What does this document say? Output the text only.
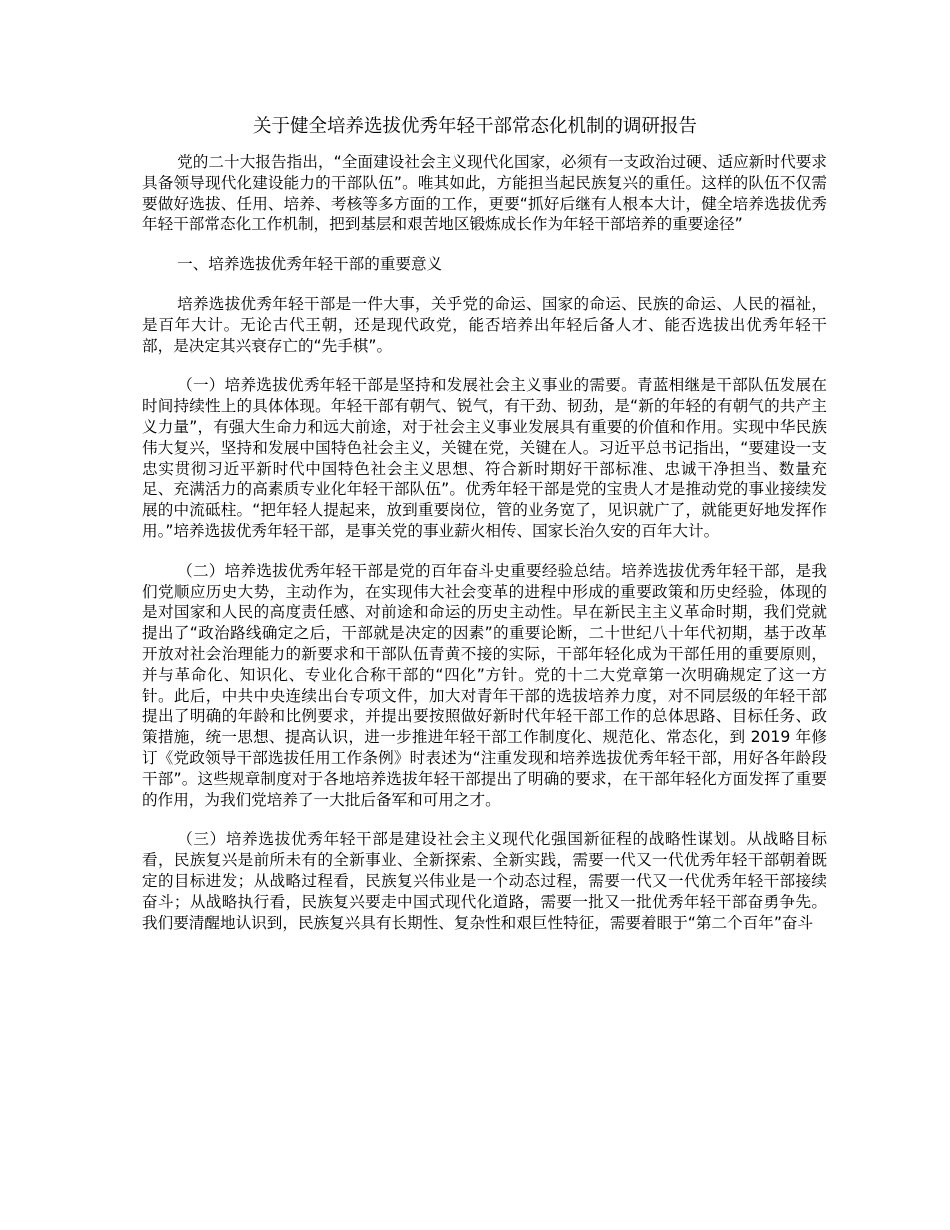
关于健全培养选拔优秀年轻干部常态化机制的调研报告

党的二十大报告指出，“全面建设社会主义现代化国家，必须有一支政治过硬、适应新时代要求具备领导现代化建设能力的干部队伍”。唯其如此，方能担当起民族复兴的重任。这样的队伍不仅需要做好选拔、任用、培养、考核等多方面的工作，更要“抓好后继有人根本大计，健全培养选拔优秀年轻干部常态化工作机制，把到基层和艰苦地区锻炼成长作为年轻干部培养的重要途径”

一、培养选拔优秀年轻干部的重要意义

培养选拔优秀年轻干部是一件大事，关乎党的命运、国家的命运、民族的命运、人民的福祉，是百年大计。无论古代王朝，还是现代政党，能否培养出年轻后备人才、能否选拔出优秀年轻干部，是决定其兴衰存亡的“先手棋”。

（一）培养选拔优秀年轻干部是坚持和发展社会主义事业的需要。青蓝相继是干部队伍发展在时间持续性上的具体体现。年轻干部有朝气、锐气，有干劲、韧劲，是“新的年轻的有朝气的共产主义力量”，有强大生命力和远大前途，对于社会主义事业发展具有重要的价值和作用。实现中华民族伟大复兴，坚持和发展中国特色社会主义，关键在党，关键在人。习近平总书记指出，“要建设一支忠实贯彻习近平新时代中国特色社会主义思想、符合新时期好干部标准、忠诚干净担当、数量充足、充满活力的高素质专业化年轻干部队伍”。优秀年轻干部是党的宝贵人才是推动党的事业接续发展的中流砥柱。“把年轻人提起来，放到重要岗位，管的业务宽了，见识就广了，就能更好地发挥作用。”培养选拔优秀年轻干部，是事关党的事业薪火相传、国家长治久安的百年大计。

（二）培养选拔优秀年轻干部是党的百年奋斗史重要经验总结。培养选拔优秀年轻干部，是我们党顺应历史大势，主动作为，在实现伟大社会变革的进程中形成的重要政策和历史经验，体现的是对国家和人民的高度责任感、对前途和命运的历史主动性。早在新民主主义革命时期，我们党就提出了“政治路线确定之后，干部就是决定的因素”的重要论断，二十世纪八十年代初期，基于改革开放对社会治理能力的新要求和干部队伍青黄不接的实际，干部年轻化成为干部任用的重要原则，并与革命化、知识化、专业化合称干部的“四化”方针。党的十二大党章第一次明确规定了这一方针。此后，中共中央连续出台专项文件，加大对青年干部的选拔培养力度，对不同层级的年轻干部提出了明确的年龄和比例要求，并提出要按照做好新时代年轻干部工作的总体思路、目标任务、政策措施，统一思想、提高认识，进一步推进年轻干部工作制度化、规范化、常态化，到 2019 年修订《党政领导干部选拔任用工作条例》时表述为“注重发现和培养选拔优秀年轻干部，用好各年龄段干部”。这些规章制度对于各地培养选拔年轻干部提出了明确的要求，在干部年轻化方面发挥了重要的作用，为我们党培养了一大批后备军和可用之才。

（三）培养选拔优秀年轻干部是建设社会主义现代化强国新征程的战略性谋划。从战略目标看，民族复兴是前所未有的全新事业、全新探索、全新实践，需要一代又一代优秀年轻干部朝着既定的目标进发；从战略过程看，民族复兴伟业是一个动态过程，需要一代又一代优秀年轻干部接续奋斗；从战略执行看，民族复兴要走中国式现代化道路，需要一批又一批优秀年轻干部奋勇争先。我们要清醒地认识到，民族复兴具有长期性、复杂性和艰巨性特征，需要着眼于“第二个百年”奋斗
